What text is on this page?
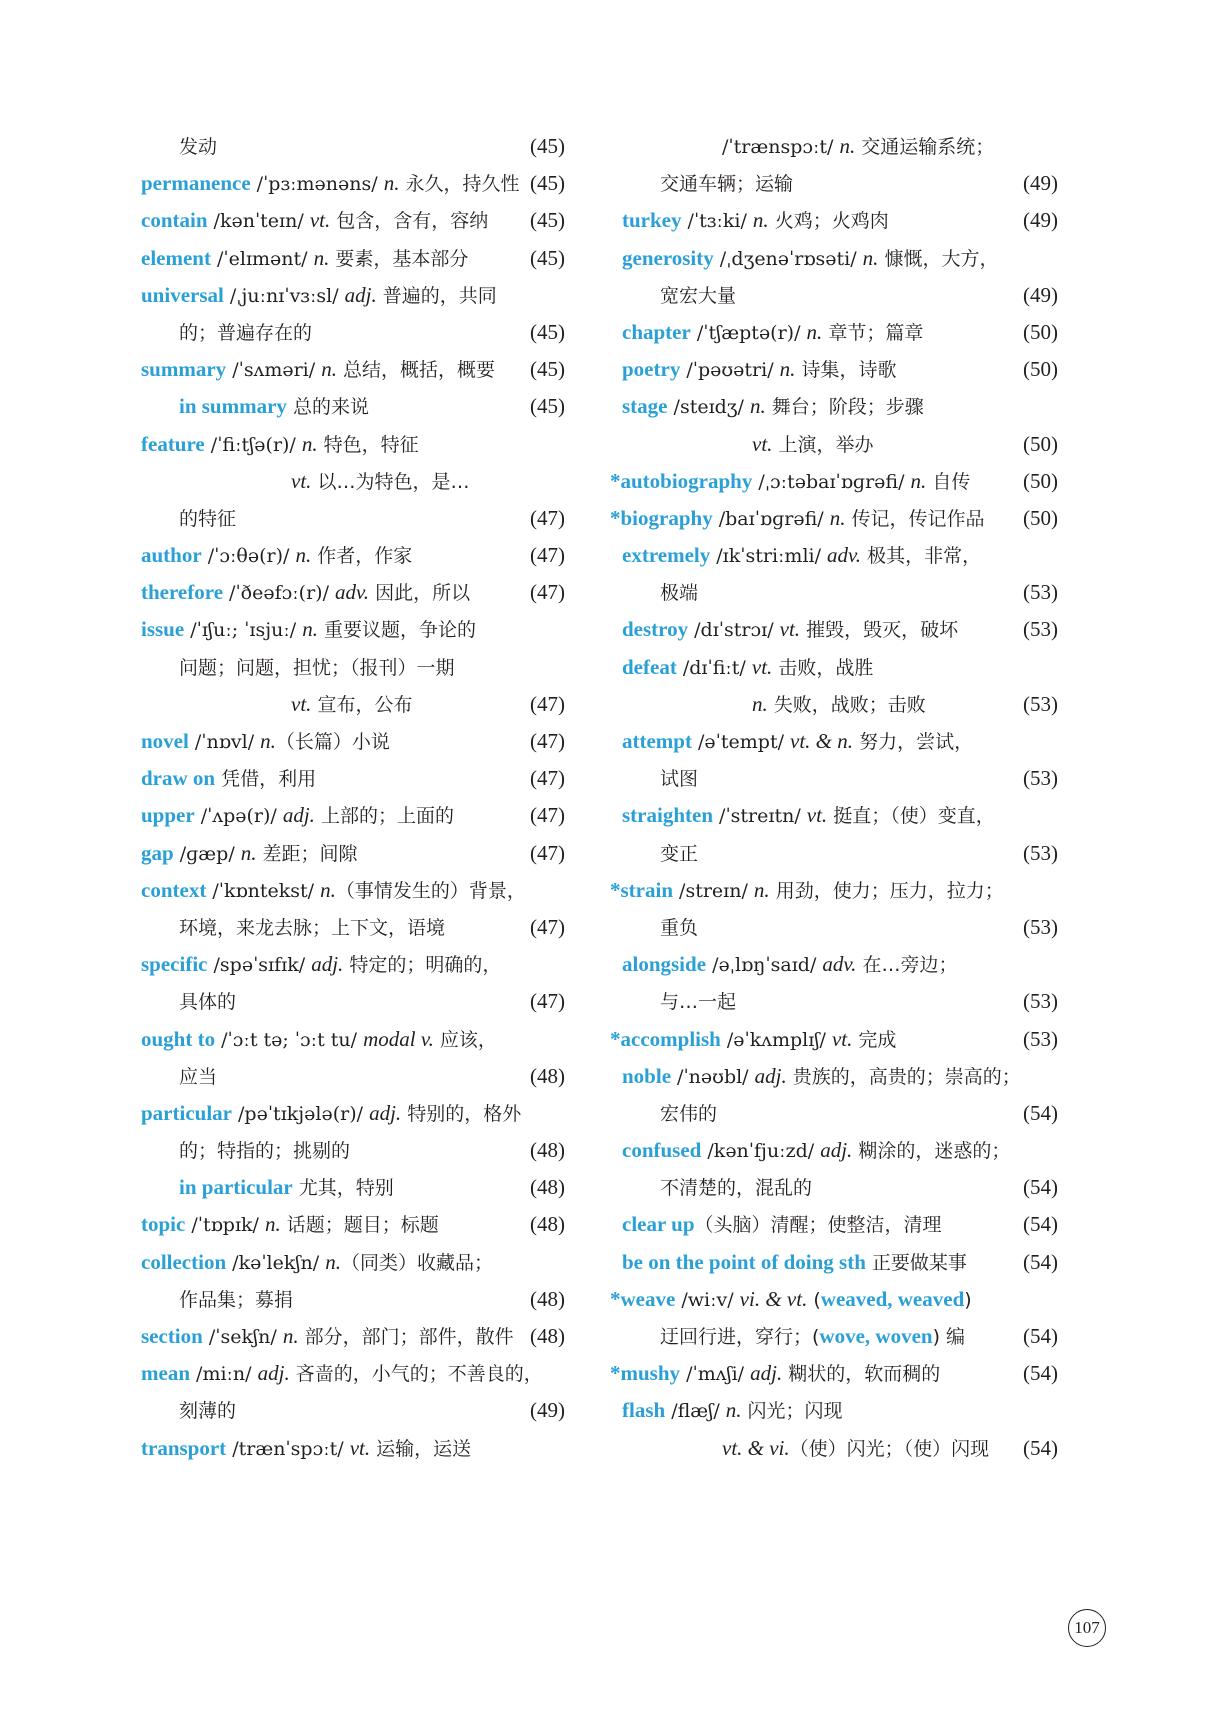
发动	(45)
permanence /ˈpɜːmənəns/ n. 永久，持久性 (45)
contain /kənˈteɪn/ vt. 包含，含有，容纳 (45)
element /ˈelɪmənt/ n. 要素，基本部分	(45)
universal /ˌjuːnɪˈvɜːsl/ adj. 普遍的，共同
的；普遍存在的	(45)
summary /ˈsʌməri/ n. 总结，概括，概要 (45)
in summary 总的来说	(45)
feature /ˈfiːtʃə(r)/ n. 特色，特征
vt. 以…为特色，是…
的特征	(47)
author /ˈɔːθə(r)/ n. 作者，作家	(47)
therefore /ˈðeəfɔː(r)/ adv. 因此，所以	(47)
issue /ˈɪʃuː; ˈɪsjuː/ n. 重要议题，争论的
问题；问题，担忧；（报刊）一期
vt. 宣布，公布	(47)
novel /ˈnɒvl/ n.（长篇）小说	(47)
draw on 凭借，利用	(47)
upper /ˈʌpə(r)/ adj. 上部的；上面的	(47)
gap /ɡæp/ n. 差距；间隙	(47)
context /ˈkɒntekst/ n.（事情发生的）背景，
环境，来龙去脉；上下文，语境	(47)
specific /spəˈsɪfɪk/ adj. 特定的；明确的，
具体的	(47)
ought to /ˈɔːt tə; ˈɔːt tu/ modal v. 应该，
应当	(48)
particular /pəˈtɪkjələ(r)/ adj. 特别的，格外
的；特指的；挑剔的	(48)
in particular 尤其，特别	(48)
topic /ˈtɒpɪk/ n. 话题；题目；标题	(48)
collection /kəˈlekʃn/ n.（同类）收藏品；
作品集；募捐	(48)
section /ˈsekʃn/ n. 部分，部门；部件，散件 (48)
mean /miːn/ adj. 吝啬的，小气的；不善良的，
刻薄的	(49)
transport /trænˈspɔːt/ vt. 运输，运送
/ˈtrænspɔːt/ n. 交通运输系统；
交通车辆；运输	(49)
turkey /ˈtɜːki/ n. 火鸡；火鸡肉	(49)
generosity /ˌdʒenəˈrɒsəti/ n. 慷慨，大方，
宽宏大量	(49)
chapter /ˈtʃæptə(r)/ n. 章节；篇章	(50)
poetry /ˈpəʊətri/ n. 诗集，诗歌	(50)
stage /steɪdʒ/ n. 舞台；阶段；步骤
vt. 上演，举办	(50)
*autobiography /ˌɔːtəbaɪˈɒɡrəfi/ n. 自传	(50)
*biography /baɪˈɒɡrəfi/ n. 传记，传记作品 (50)
extremely /ɪkˈstriːmli/ adv. 极其，非常，
极端	(53)
destroy /dɪˈstrɔɪ/ vt. 摧毁，毁灭，破坏	(53)
defeat /dɪˈfiːt/ vt. 击败，战胜
n. 失败，战败；击败	(53)
attempt /əˈtempt/ vt. & n. 努力，尝试，
试图	(53)
straighten /ˈstreɪtn/ vt. 挺直；（使）变直，
变正	(53)
*strain /streɪn/ n. 用劲，使力；压力，拉力；
重负	(53)
alongside /əˌlɒŋˈsaɪd/ adv. 在…旁边；
与…一起	(53)
*accomplish /əˈkʌmplɪʃ/ vt. 完成	(53)
noble /ˈnəʊbl/ adj. 贵族的，高贵的；崇高的；
宏伟的	(54)
confused /kənˈfjuːzd/ adj. 糊涂的，迷惑的；
不清楚的，混乱的	(54)
clear up（头脑）清醒；使整洁，清理	(54)
be on the point of doing sth 正要做某事	(54)
*weave /wiːv/ vi. & vt. (weaved, weaved)
迂回行进，穿行；(wove, woven) 编	(54)
*mushy /ˈmʌʃi/ adj. 糊状的，软而稠的	(54)
flash /flæʃ/ n. 闪光；闪现
vt. & vi.（使）闪光；（使）闪现 (54)
107
